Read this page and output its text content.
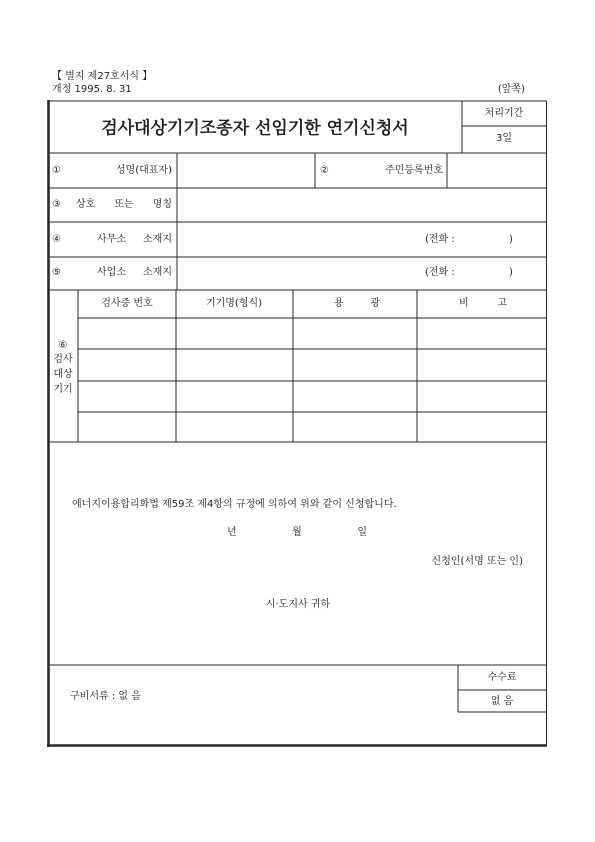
【 별지 제27호서식 】
개정 1995. 8. 31	(앞쪽)
검사대상기기조종자 선임기한 연기신청서
처리기간
3일
①	성명(대표자)	②	주민등록번호
③ 상호 또는 명칭
④	사무소 소재지	(전화 :	)
⑤	사업소 소재지	(전화 :	)
⑥
검사
대상
기기
검사증 번호	기기명(형식)	용 광	비 고
에너지이용합리화법 제59조 제4항의 규정에 의하여 위와 같이 신청합니다.
년 월 일
신청인(서명 또는 인)
시·도지사 귀하
구비서류 : 없 음
수수료
없 음
